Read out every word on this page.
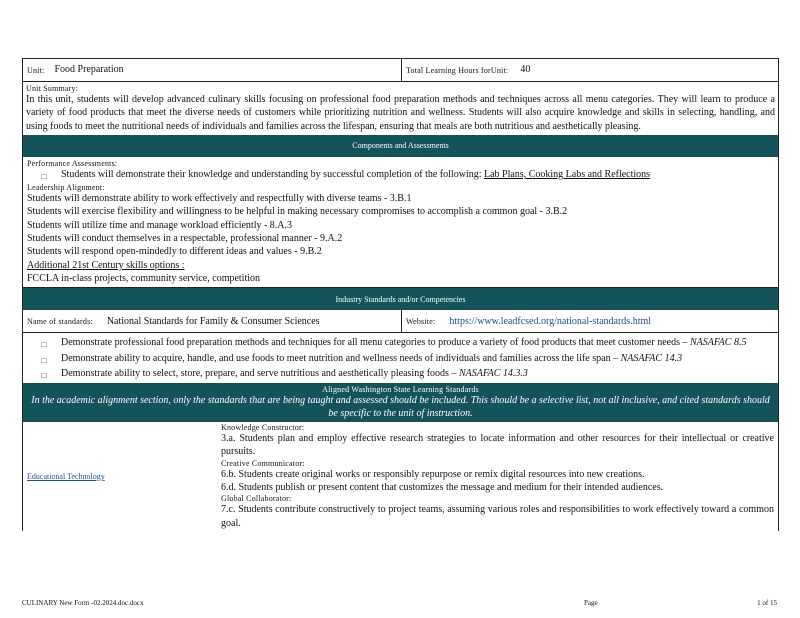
Unit: Food Preparation	Total Learning Hours forUnit: 40
Unit Summary:

In this unit, students will develop advanced culinary skills focusing on professional food preparation methods and techniques across all menu categories. They will learn to produce a variety of food products that meet the diverse needs of customers while prioritizing nutrition and wellness. Students will also acquire knowledge and skills in selecting, handling, and using foods to meet the nutritional needs of individuals and families across the lifespan, ensuring that meals are both nutritious and aesthetically pleasing.

Components and Assessments
Performance Assessments:
□	Students will demonstrate their knowledge and understanding by successful completion of the following: Lab Plans, Cooking Labs and Reflections
Leadership Alignment:

Students will demonstrate ability to work effectively and respectfully with diverse teams - 3.B.1

Students will exercise flexibility and willingness to be helpful in making necessary compromises to accomplish a common goal - 3.B.2

Students will utilize time and manage workload efficiently - 8.A.3

Students will conduct themselves in a respectable, professional manner - 9.A.2

Students will respond open-mindedly to different ideas and values - 9.B.2

Additional 21st Century skills options :

FCCLA in-class projects, community service, competition

Industry Standards and/or Competencies
Name of standards: National Standards for Family & Consumer Sciences	Website: https://www.leadfcsed.org/national-standards.html
□	Demonstrate professional food preparation methods and techniques for all menu categories to produce a variety of food products that meet customer needs – NASAFAC 8.5
□	Demonstrate ability to acquire, handle, and use foods to meet nutrition and wellness needs of individuals and families across the life span – NASAFAC 14.3
□	Demonstrate ability to select, store, prepare, and serve nutritious and aesthetically pleasing foods – NASAFAC 14.3.3
Aligned Washington State Learning Standards
In the academic alignment section, only the standards that are being taught and assessed should be included. This should be a selective list, not all inclusive, and cited standards should be specific to the unit of instruction.
Educational Technology
Knowledge Constructor:

3.a. Students plan and employ effective research strategies to locate information and other resources for their intellectual or creative pursuits.

Creative Communicator:

6.b. Students create original works or responsibly repurpose or remix digital resources into new creations.

6.d. Students publish or present content that customizes the message and medium for their intended audiences.

Global Collaborator:

7.c. Students contribute constructively to project teams, assuming various roles and responsibilities to work effectively toward a common goal.

CULINARY New Form -02.2024.doc.docx	Page	1 of 15
